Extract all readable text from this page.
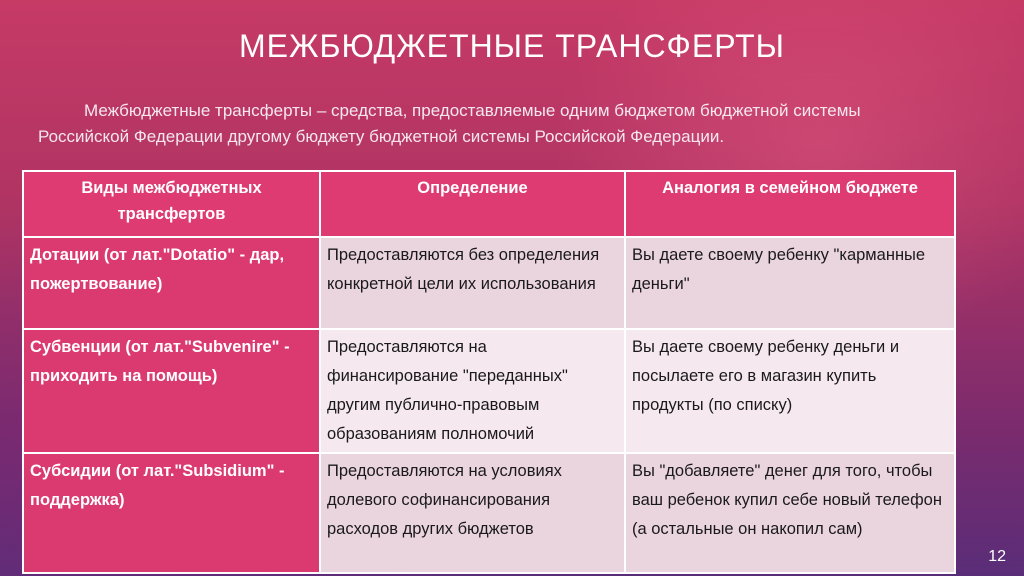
МЕЖБЮДЖЕТНЫЕ ТРАНСФЕРТЫ
Межбюджетные трансферты – средства, предоставляемые одним бюджетом бюджетной системы
Российской Федерации другому бюджету бюджетной системы Российской Федерации.
Виды межбюджетных трансфертов	Определение	Аналогия в семейном бюджете
Дотации (от лат."Dotatio" - дар, пожертвование)	Предоставляются без определения конкретной цели их использования	Вы даете своему ребенку "карманные деньги"
Субвенции (от лат."Subvenire" - приходить на помощь)	Предоставляются на финансирование "переданных" другим публично-правовым образованиям полномочий	Вы даете своему ребенку деньги и посылаете его в магазин купить продукты (по списку)
Субсидии (от лат."Subsidium" - поддержка)	Предоставляются на условиях долевого софинансирования расходов других бюджетов	Вы "добавляете" денег для того, чтобы ваш ребенок купил себе новый телефон (а остальные он накопил сам)
12
